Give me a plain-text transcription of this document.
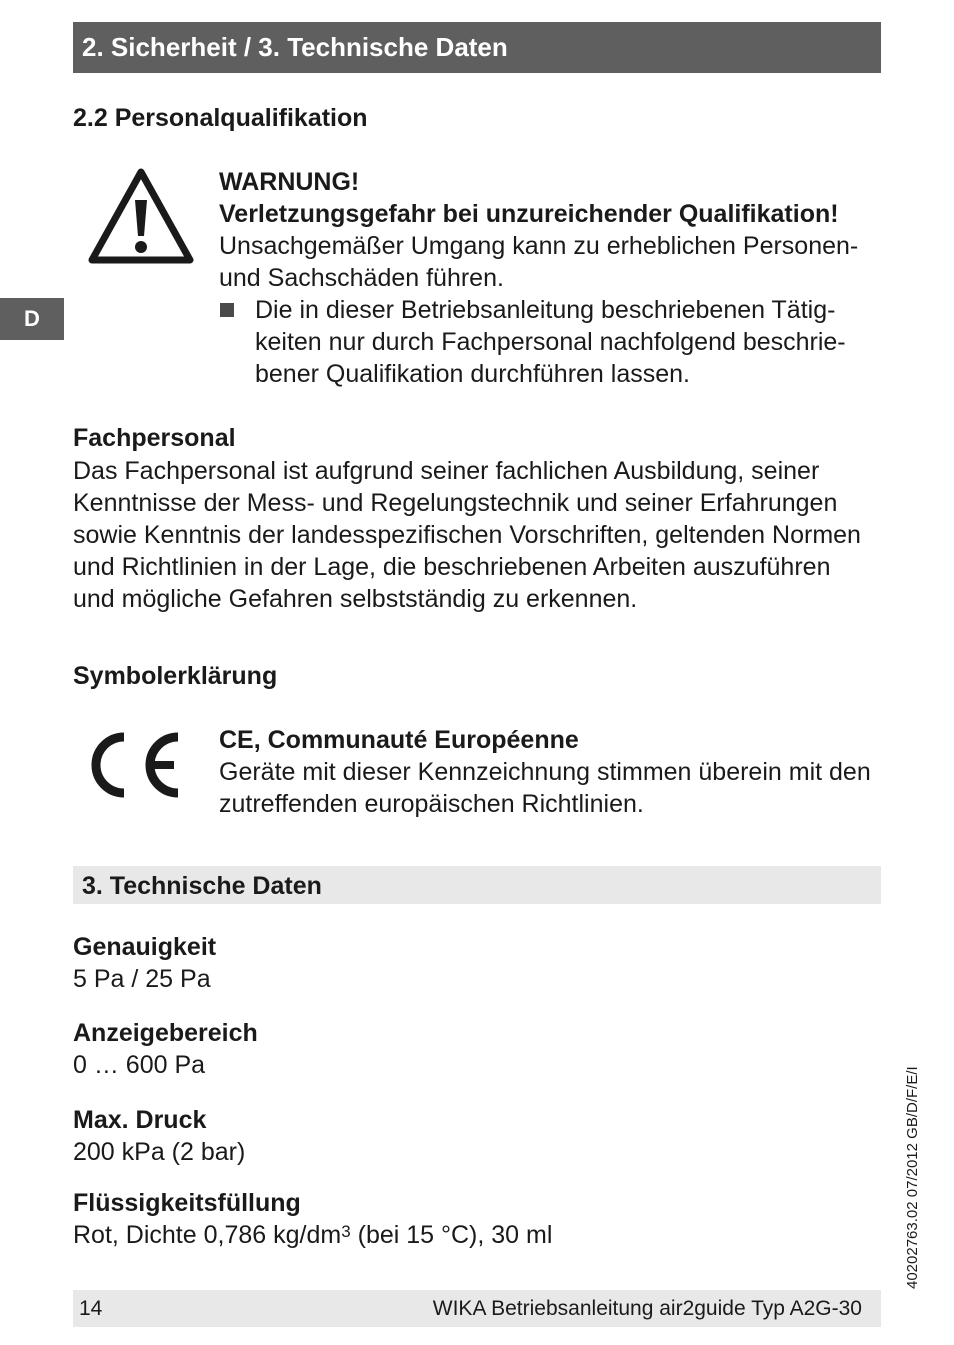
2. Sicherheit / 3. Technische Daten
D
2.2 Personalqualifikation
WARNUNG!
Verletzungsgefahr bei unzureichender Qualifikation!
Unsachgemäßer Umgang kann zu erheblichen Personen-
und Sachschäden führen.
Die in dieser Betriebsanleitung beschriebenen Tätig-
keiten nur durch Fachpersonal nachfolgend beschrie-
bener Qualifikation durchführen lassen.
Fachpersonal
Das Fachpersonal ist aufgrund seiner fachlichen Ausbildung, seiner
Kenntnisse der Mess- und Regelungstechnik und seiner Erfahrungen
sowie Kenntnis der landesspezifischen Vorschriften, geltenden Normen
und Richtlinien in der Lage, die beschriebenen Arbeiten auszuführen
und mögliche Gefahren selbstständig zu erkennen.
Symbolerklärung
CE, Communauté Européenne
Geräte mit dieser Kennzeichnung stimmen überein mit den
zutreffenden europäischen Richtlinien.
3. Technische Daten
Genauigkeit
5 Pa / 25 Pa
Anzeigebereich
0 … 600 Pa
Max. Druck
200 kPa (2 bar)
Flüssigkeitsfüllung
Rot, Dichte 0,786 $kg/dm^3$ (bei 15 °C), 30 ml	40202763.02 07/2012 GB/D/F/E/I
14	WIKA Betriebsanleitung air2guide Typ A2G-30
